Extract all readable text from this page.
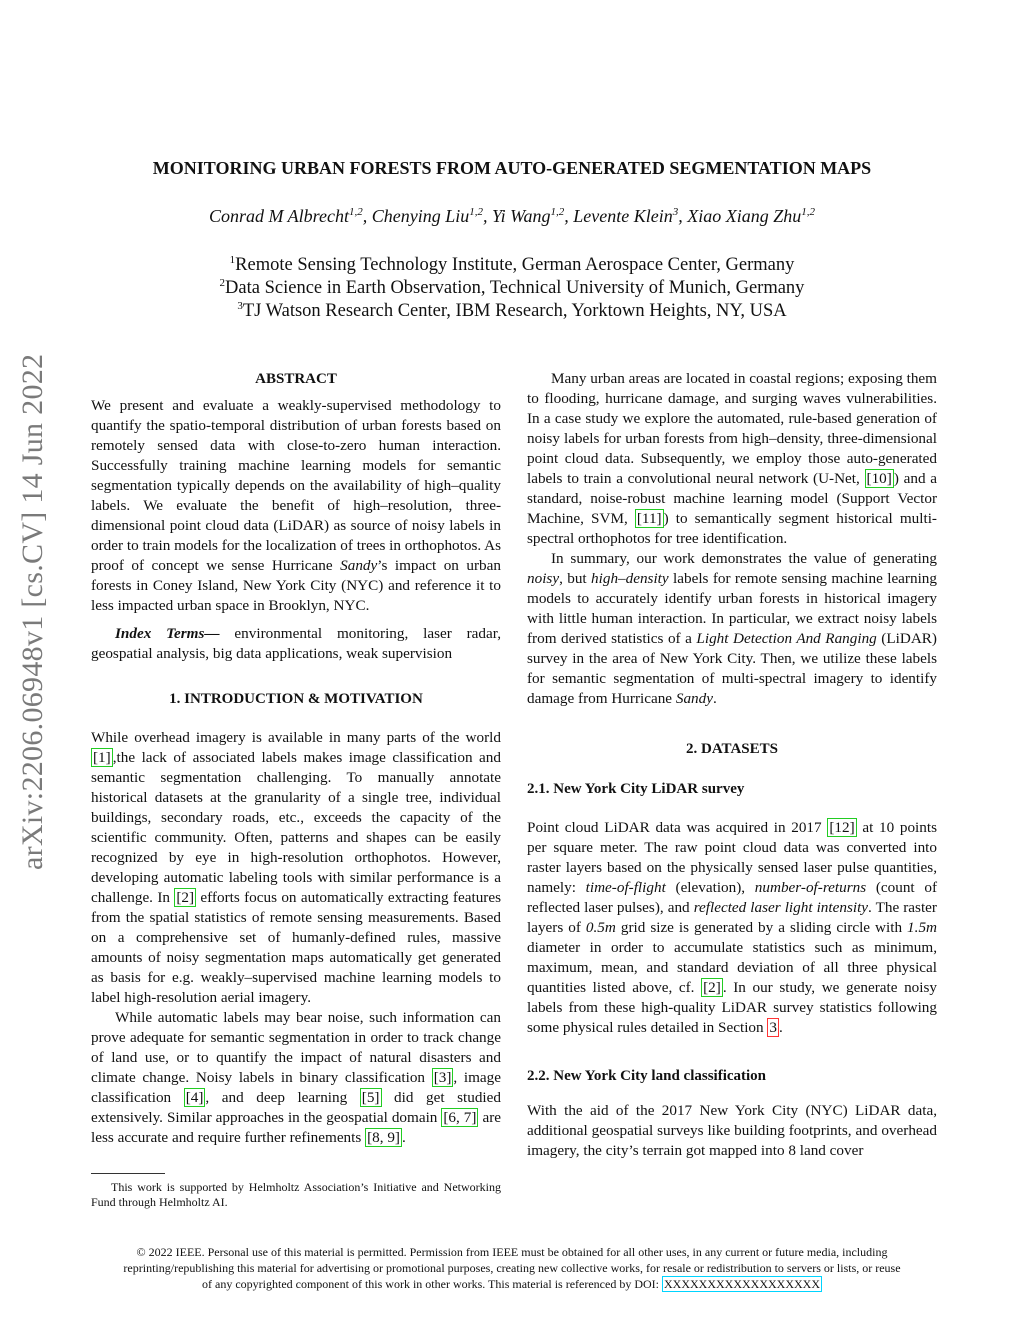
arXiv:2206.06948v1 [cs.CV] 14 Jun 2022
MONITORING URBAN FORESTS FROM AUTO-GENERATED SEGMENTATION MAPS
Conrad M Albrecht$^{1,2}$, Chenying Liu$^{1,2}$, Yi Wang$^{1,2}$, Levente Klein$^3$, Xiao Xiang Zhu$^{1,2}$
$^1$Remote Sensing Technology Institute, German Aerospace Center, Germany
$^2$Data Science in Earth Observation, Technical University of Munich, Germany
$^3$TJ Watson Research Center, IBM Research, Yorktown Heights, NY, USA
ABSTRACT

We present and evaluate a weakly-supervised methodology to quantify the spatio-temporal distribution of urban forests based on remotely sensed data with close-to-zero human interaction. Successfully training machine learning models for semantic segmentation typically depends on the availability of high–quality labels. We evaluate the benefit of high–resolution, three-dimensional point cloud data (LiDAR) as source of noisy labels in order to train models for the localization of trees in orthophotos. As proof of concept we sense Hurricane Sandy’s impact on urban forests in Coney Island, New York City (NYC) and reference it to less impacted urban space in Brooklyn, NYC.

Index Terms— environmental monitoring, laser radar, geospatial analysis, big data applications, weak supervision

1. INTRODUCTION & MOTIVATION

While overhead imagery is available in many parts of the world [1] ,the lack of associated labels makes image classification and semantic segmentation challenging. To manually annotate historical datasets at the granularity of a single tree, individual buildings, secondary roads, etc., exceeds the capacity of the scientific community. Often, patterns and shapes can be easily recognized by eye in high-resolution orthophotos. However, developing automatic labeling tools with similar performance is a challenge. In [2] efforts focus on automatically extracting features from the spatial statistics of remote sensing measurements. Based on a comprehensive set of humanly-defined rules, massive amounts of noisy segmentation maps automatically get generated as basis for e.g. weakly–supervised machine learning models to label high-resolution aerial imagery.

While automatic labels may bear noise, such information can prove adequate for semantic segmentation in order to track change of land use, or to quantify the impact of natural disasters and climate change. Noisy labels in binary classification [3] , image classification [4] , and deep learning [5] did get studied extensively. Similar approaches in the geospatial domain [6, 7] are less accurate and require further refinements [8, 9] .

This work is supported by Helmholtz Association’s Initiative and Networking Fund through Helmholtz AI.

Many urban areas are located in coastal regions; exposing them to flooding, hurricane damage, and surging waves vulnerabilities. In a case study we explore the automated, rule-based generation of noisy labels for urban forests from high–density, three-dimensional point cloud data. Subsequently, we employ those auto-generated labels to train a convolutional neural network (U-Net, [10] ) and a standard, noise-robust machine learning model (Support Vector Machine, SVM, [11] ) to semantically segment historical multi-spectral orthophotos for tree identification.

In summary, our work demonstrates the value of generating noisy, but high–density labels for remote sensing machine learning models to accurately identify urban forests in historical imagery with little human interaction. In particular, we extract noisy labels from derived statistics of a Light Detection And Ranging (LiDAR) survey in the area of New York City. Then, we utilize these labels for semantic segmentation of multi-spectral imagery to identify damage from Hurricane Sandy.

2. DATASETS
2.1. New York City LiDAR survey

Point cloud LiDAR data was acquired in 2017 [12] at 10 points per square meter. The raw point cloud data was converted into raster layers based on the physically sensed laser pulse quantities, namely: time-of-flight (elevation), number-of-returns (count of reflected laser pulses), and reflected laser light intensity. The raster layers of 0.5m grid size is generated by a sliding circle with 1.5m diameter in order to accumulate statistics such as minimum, maximum, mean, and standard deviation of all three physical quantities listed above, cf. [2] . In our study, we generate noisy labels from these high-quality LiDAR survey statistics following some physical rules detailed in Section 3 .

2.2. New York City land classification

With the aid of the 2017 New York City (NYC) LiDAR data, additional geospatial surveys like building footprints, and overhead imagery, the city’s terrain got mapped into 8 land cover

© 2022 IEEE. Personal use of this material is permitted. Permission from IEEE must be obtained for all other uses, in any current or future media, including
reprinting/republishing this material for advertising or promotional purposes, creating new collective works, for resale or redistribution to servers or lists, or reuse
of any copyrighted component of this work in other works. This material is referenced by DOI: XXXXXXXXXXXXXXXXXX
